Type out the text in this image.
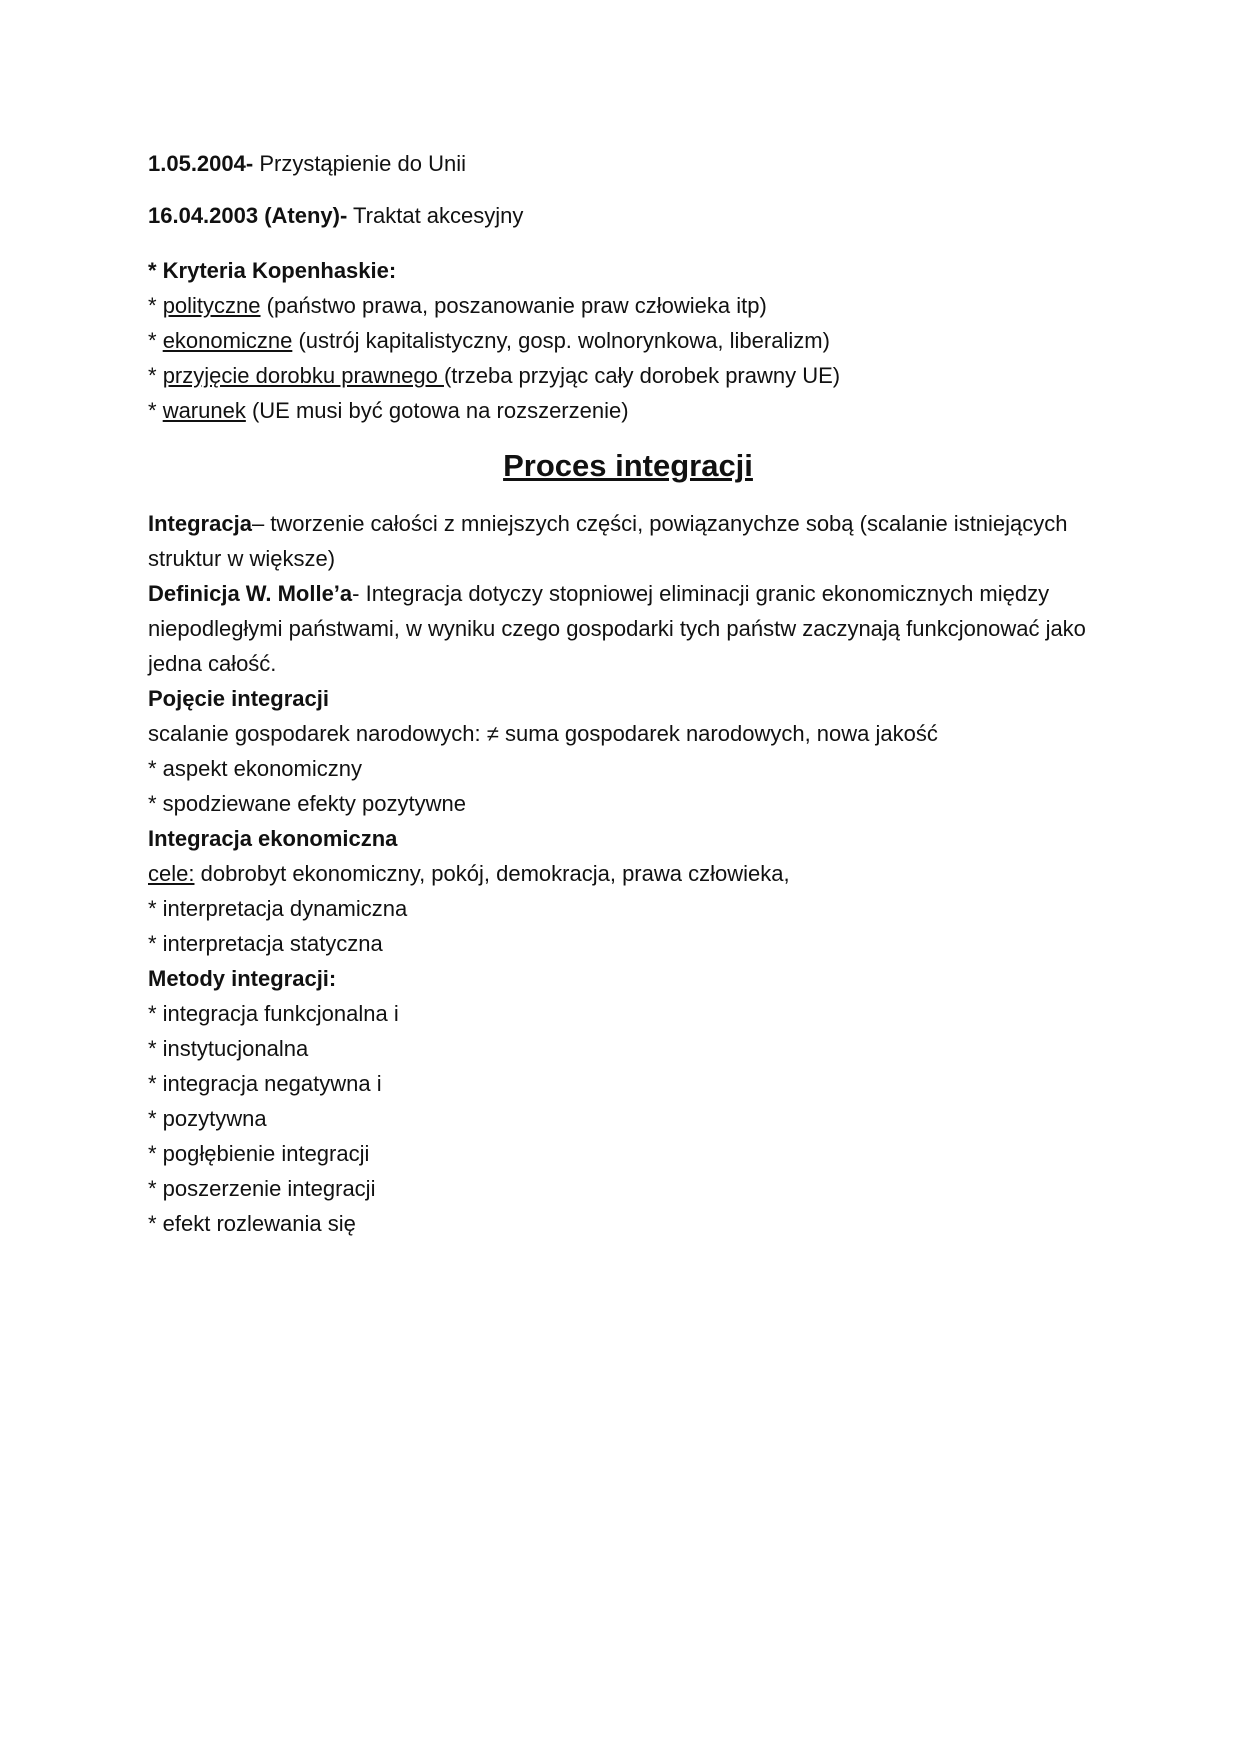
1.05.2004- Przystąpienie do Unii
16.04.2003 (Ateny)- Traktat akcesyjny
* Kryteria Kopenhaskie:
* polityczne (państwo prawa, poszanowanie praw człowieka itp)
* ekonomiczne (ustrój kapitalistyczny, gosp. wolnorynkowa, liberalizm)
* przyjęcie dorobku prawnego (trzeba przyjąc cały dorobek prawny UE)
* warunek (UE musi być gotowa na rozszerzenie)
Proces integracji
Integracja– tworzenie całości z mniejszych części, powiązanychze sobą (scalanie istniejących struktur w większe)
Definicja W. Molle’a- Integracja dotyczy stopniowej eliminacji granic ekonomicznych między niepodległymi państwami, w wyniku czego gospodarki tych państw zaczynają funkcjonować jako jedna całość.
Pojęcie integracji
scalanie gospodarek narodowych: ≠ suma gospodarek narodowych, nowa jakość
* aspekt ekonomiczny
* spodziewane efekty pozytywne
Integracja ekonomiczna
cele: dobrobyt ekonomiczny, pokój, demokracja, prawa człowieka,
* interpretacja dynamiczna
* interpretacja statyczna
Metody integracji:
* integracja funkcjonalna i
* instytucjonalna
* integracja negatywna i
* pozytywna
* pogłębienie integracji
* poszerzenie integracji
* efekt rozlewania się
